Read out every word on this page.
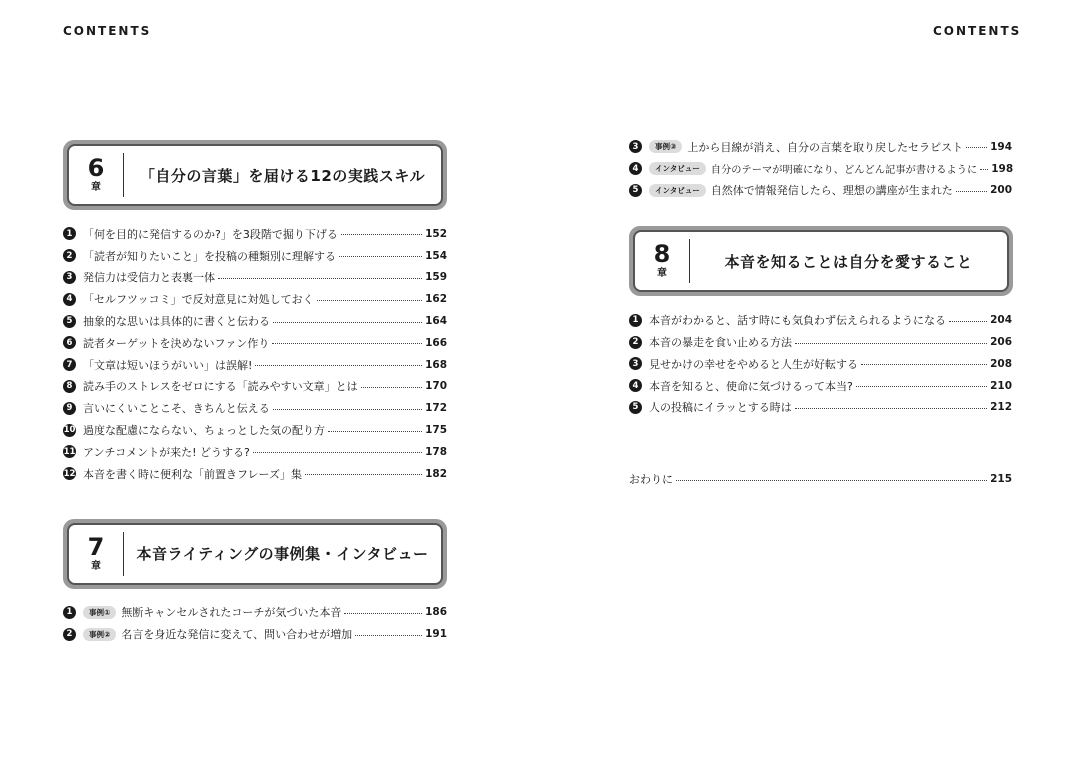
CONTENTS	CONTENTS
6
章
「自分の言葉」を届ける12の実践スキル
1 「何を目的に発信するのか?」を3段階で掘り下げる	152
2 「読者が知りたいこと」を投稿の種類別に理解する	154
3 発信力は受信力と表裏一体	159
4 「セルフツッコミ」で反対意見に対処しておく	162
5 抽象的な思いは具体的に書くと伝わる	164
6 読者ターゲットを決めないファン作り	166
7 「文章は短いほうがいい」は誤解!	168
8 読み手のストレスをゼロにする「読みやすい文章」とは	170
9 言いにくいことこそ、きちんと伝える	172
10 過度な配慮にならない、ちょっとした気の配り方	175
11 アンチコメントが来た! どうする?	178
12 本音を書く時に便利な「前置きフレーズ」集	182
7
章
本音ライティングの事例集・インタビュー
1	事例①	無断キャンセルされたコーチが気づいた本音	186
2	事例②	名言を身近な発信に変えて、問い合わせが増加	191
3	事例③	上から目線が消え、自分の言葉を取り戻したセラピスト	194
4	インタビュー	自分のテーマが明確になり、どんどん記事が書けるように 198
5	インタビュー	自然体で情報発信したら、理想の講座が生まれた	200
8
章
本音を知ることは自分を愛すること
1 本音がわかると、話す時にも気負わず伝えられるようになる	204
2 本音の暴走を食い止める方法	206
3 見せかけの幸せをやめると人生が好転する	208
4 本音を知ると、使命に気づけるって本当?	210
5 人の投稿にイラッとする時は	212
おわりに	215
